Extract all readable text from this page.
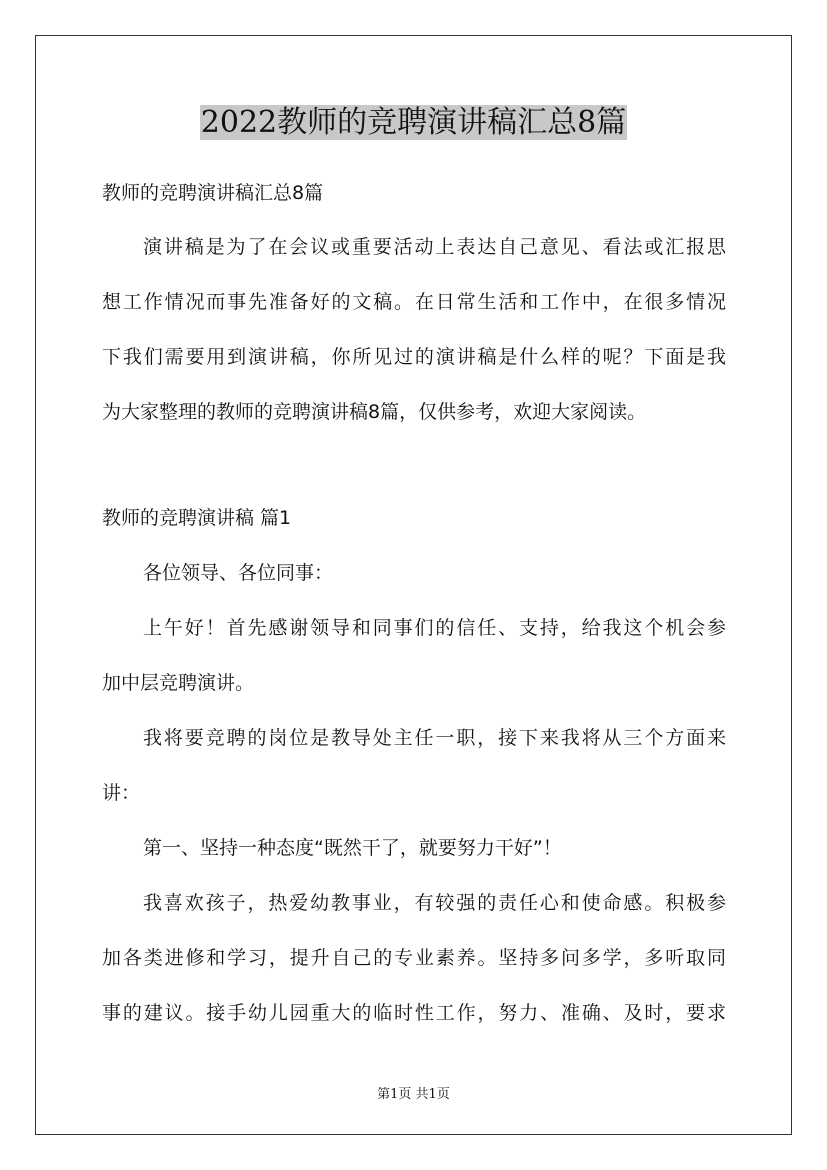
2022教师的竞聘演讲稿汇总8篇
教师的竞聘演讲稿汇总8篇
演讲稿是为了在会议或重要活动上表达自己意见、看法或汇报思
想工作情况而事先准备好的文稿。在日常生活和工作中，在很多情况
下我们需要用到演讲稿，你所见过的演讲稿是什么样的呢？下面是我
为大家整理的教师的竞聘演讲稿8篇，仅供参考，欢迎大家阅读。
教师的竞聘演讲稿 篇1
各位领导、各位同事：
上午好！首先感谢领导和同事们的信任、支持，给我这个机会参
加中层竞聘演讲。
我将要竞聘的岗位是教导处主任一职，接下来我将从三个方面来
讲：
第一、坚持一种态度“既然干了，就要努力干好”！
我喜欢孩子，热爱幼教事业，有较强的责任心和使命感。积极参
加各类进修和学习，提升自己的专业素养。坚持多问多学，多听取同
事的建议。接手幼儿园重大的临时性工作，努力、准确、及时，要求
第1页 共1页
